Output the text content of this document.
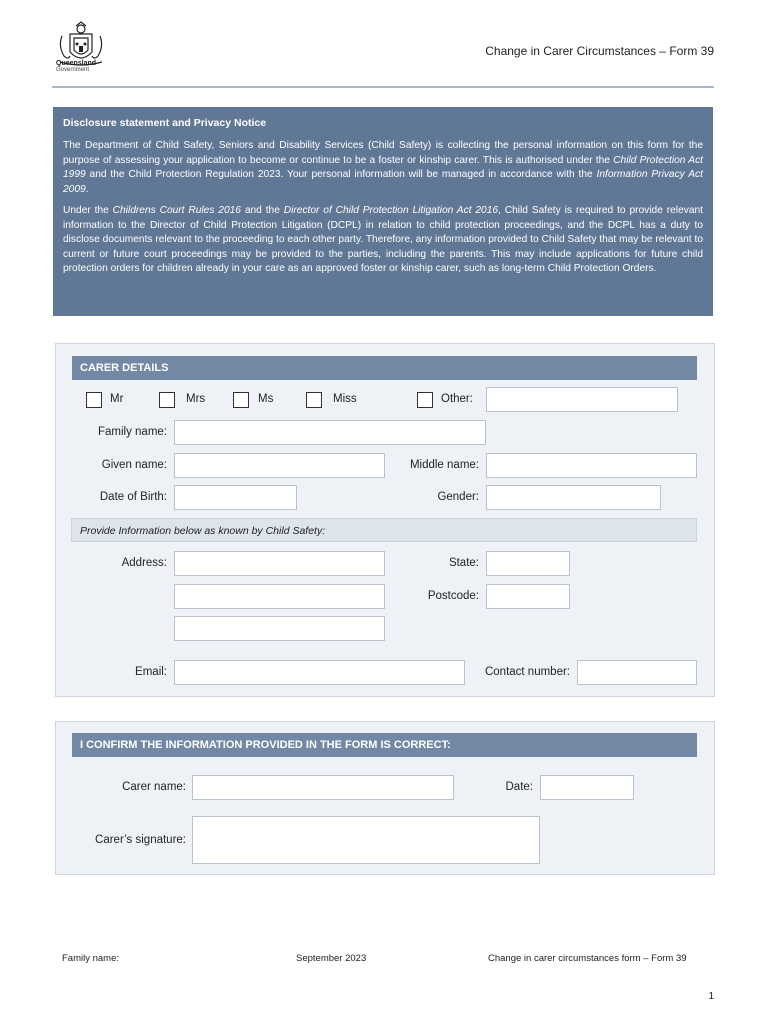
Queensland
Government
Change in Carer Circumstances – Form 39
Disclosure statement and Privacy Notice

The Department of Child Safety, Seniors and Disability Services (Child Safety) is collecting the personal information on this form for the purpose of assessing your application to become or continue to be a foster or kinship carer. This is authorised under the Child Protection Act 1999 and the Child Protection Regulation 2023. Your personal information will be managed in accordance with the Information Privacy Act 2009.

Under the Childrens Court Rules 2016 and the Director of Child Protection Litigation Act 2016, Child Safety is required to provide relevant information to the Director of Child Protection Litigation (DCPL) in relation to child protection proceedings, and the DCPL has a duty to disclose documents relevant to the proceeding to each other party. Therefore, any information provided to Child Safety that may be relevant to current or future court proceedings may be provided to the parties, including the parents. This may include applications for future child protection orders for children already in your care as an approved foster or kinship carer, such as long-term Child Protection Orders.

CARER DETAILS
Mr	Mrs	Ms	Miss	Other:
Family name:
Given name:	Middle name:
Date of Birth:	Gender:
Provide Information below as known by Child Safety:
Address:	State:
Postcode:
Email:	Contact number:
I CONFIRM THE INFORMATION PROVIDED IN THE FORM IS CORRECT:
Carer name:	Date:
Carer’s signature:
Family name:	September 2023	Change in carer circumstances form – Form 39
1
